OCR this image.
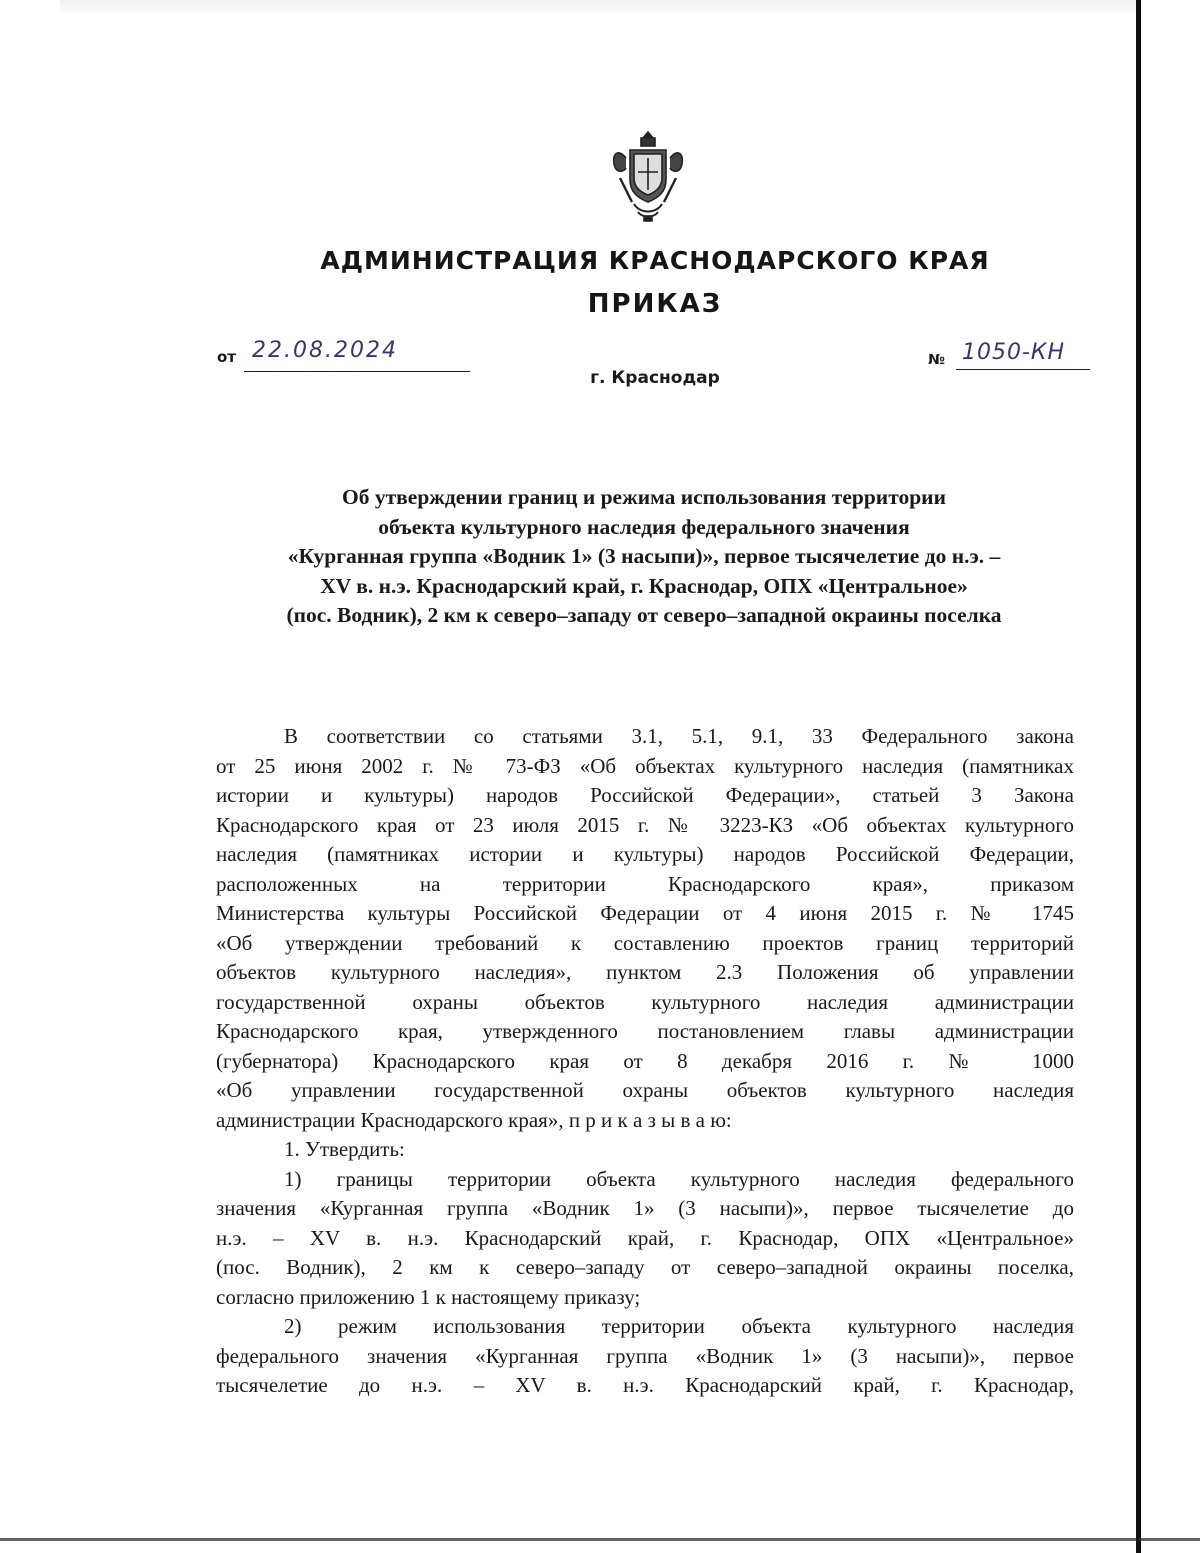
АДМИНИСТРАЦИЯ КРАСНОДАРСКОГО КРАЯ
ПРИКАЗ
от 22.08.2024
г. Краснодар
№ 1050-КН
Об утверждении границ и режима использования территории
объекта культурного наследия федерального значения
«Курганная группа «Водник 1» (3 насыпи)», первое тысячелетие до н.э. –
XV в. н.э. Краснодарский край, г. Краснодар, ОПХ «Центральное»
(пос. Водник), 2 км к северо–западу от северо–западной окраины поселка
В соответствии со статьями 3.1, 5.1, 9.1, 33 Федерального закона
от 25 июня 2002 г. № 73-ФЗ «Об объектах культурного наследия (памятниках
истории и культуры) народов Российской Федерации», статьей 3 Закона
Краснодарского края от 23 июля 2015 г. № 3223-КЗ «Об объектах культурного
наследия (памятниках истории и культуры) народов Российской Федерации,
расположенных на территории Краснодарского края», приказом
Министерства культуры Российской Федерации от 4 июня 2015 г. № 1745
«Об утверждении требований к составлению проектов границ территорий
объектов культурного наследия», пунктом 2.3 Положения об управлении
государственной охраны объектов культурного наследия администрации
Краснодарского края, утвержденного постановлением главы администрации
(губернатора) Краснодарского края от 8 декабря 2016 г. № 1000
«Об управлении государственной охраны объектов культурного наследия
администрации Краснодарского края», п р и к а з ы в а ю:
1. Утвердить:
1) границы территории объекта культурного наследия федерального
значения «Курганная группа «Водник 1» (3 насыпи)», первое тысячелетие до
н.э. – XV в. н.э. Краснодарский край, г. Краснодар, ОПХ «Центральное»
(пос. Водник), 2 км к северо–западу от северо–западной окраины поселка,
согласно приложению 1 к настоящему приказу;
2) режим использования территории объекта культурного наследия
федерального значения «Курганная группа «Водник 1» (3 насыпи)», первое
тысячелетие до н.э. – XV в. н.э. Краснодарский край, г. Краснодар,
